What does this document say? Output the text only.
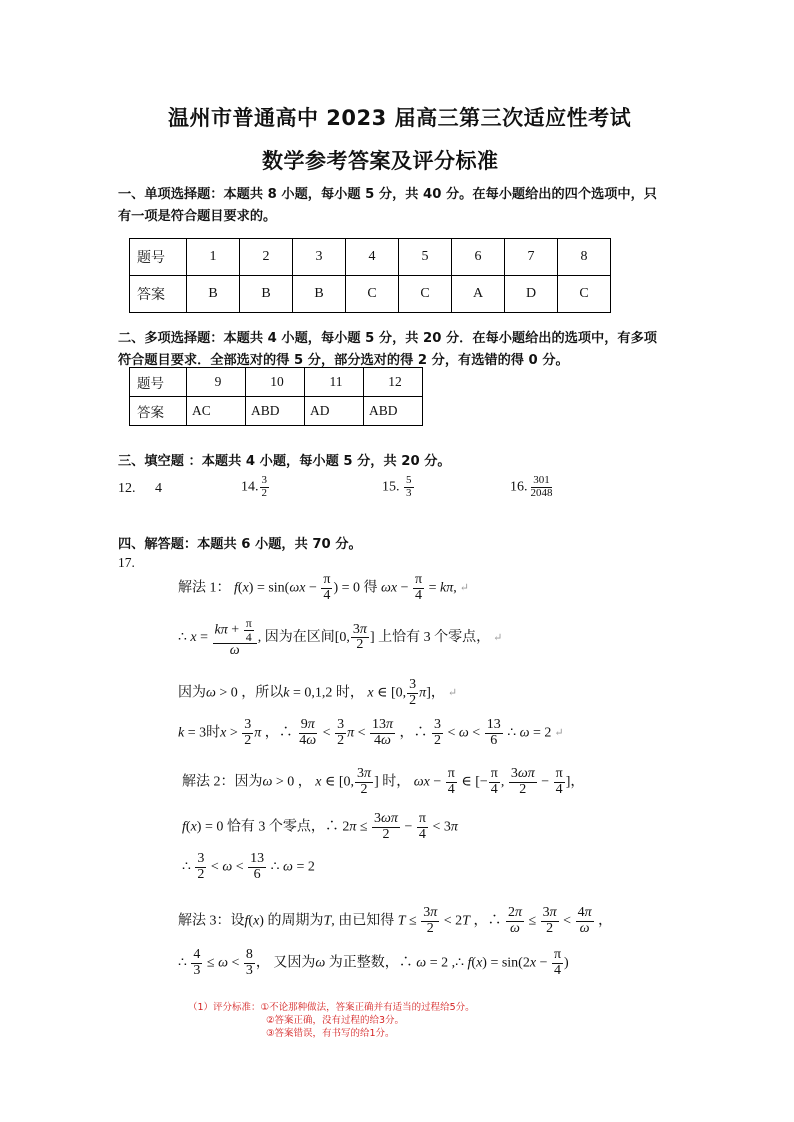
温州市普通高中 2023 届高三第三次适应性考试
数学参考答案及评分标准
一、单项选择题：本题共 8 小题，每小题 5 分，共 40 分。在每小题给出的四个选项中，只
有一项是符合题目要求的。
题号	1	2	3	4	5	6	7	8
答案	B	B	B	C	C	A	D	C
二、多项选择题：本题共 4 小题，每小题 5 分，共 20 分．在每小题给出的选项中，有多项
符合题目要求．全部选对的得 5 分，部分选对的得 2 分，有选错的得 0 分。
题号	9	10	11	12
答案	AC	ABD	AD	ABD
三、填空题 ：本题共 4 小题，每小题 5 分，共 20 分。
12. 4	14. $\frac{3}{2}$	15. $\frac{5}{3}$	16. $\frac{301}{2048}$
四、解答题：本题共 6 小题，共 70 分。
17.
解法 1： $f(x) = \sin(\omega x - \frac{\pi}{4}$ ) = 0 得 $\omega x - \frac{\pi}{4} = k\pi$, ↵
∴ $x = \frac{k\pi + \frac{\pi}{4}}{\omega}$ , 因为在区间[0, $\frac{3\pi}{2}$ ] 上恰有 3 个零点， ↵
因为ω > 0 ，所以k = 0,1,2 时， x ∈ [0, $\frac{3}{2} \pi$]， ↵
k = 3时$x > \frac{3}{2}$ π ，∴ $\frac{9\pi}{4\omega} < \frac{3}{2}$ $\pi < \frac{13\pi}{4\omega}$ ，∴ $\frac{3}{2} < \omega < \frac{13}{6}$ ∴ ω = 2 ↵
解法 2：因为ω > 0 ， x ∈ [0, $\frac{3\pi}{2}$ ] 时， $\omega x - \frac{\pi}{4}$ ∈ [− $\frac{\pi}{4}$ , $\frac{3\omega\pi}{2} - \frac{\pi}{4}$ ]，
f(x) = 0 恰有 3 个零点，∴ $2\pi \le \frac{3\omega\pi}{2} - \frac{\pi}{4} < 3\pi$
∴ $\frac{3}{2} < \omega < \frac{13}{6}$ ∴ ω = 2
解法 3：设f(x) 的周期为T, 由已知得 $T \le \frac{3\pi}{2} < 2T$ ，∴ $\frac{2\pi}{\omega} \le \frac{3\pi}{2} < \frac{4\pi}{\omega}$ ，
∴ $\frac{4}{3} \le \omega < \frac{8}{3}$ ， 又因为ω 为正整数，∴ ω = 2 ,∴ $f(x) = \sin(2x - \frac{\pi}{4}$ )
（1）评分标准：①不论那种做法，答案正确并有适当的过程给5分。
②答案正确，没有过程的给3分。
③答案错误，有书写的给1分。
